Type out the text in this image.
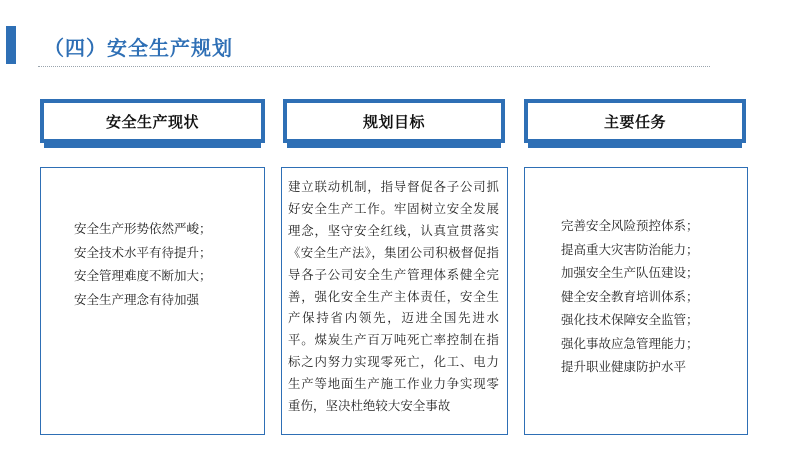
（四）安全生产规划
安全生产现状
安全生产形势依然严峻；
安全技术水平有待提升；
安全管理难度不断加大；
安全生产理念有待加强
规划目标

建立联动机制，指导督促各子公司抓好安全生产工作。牢固树立安全发展理念，坚守安全红线，认真宣贯落实《安全生产法》，集团公司积极督促指导各子公司安全生产管理体系健全完善，强化安全生产主体责任，安全生产保持省内领先，迈进全国先进水平。煤炭生产百万吨死亡率控制在指标之内努力实现零死亡，化工、电力生产等地面生产施工作业力争实现零重伤，坚决杜绝较大安全事故

主要任务
完善安全风险预控体系；
提高重大灾害防治能力；
加强安全生产队伍建设；
健全安全教育培训体系；
强化技术保障安全监管；
强化事故应急管理能力；
提升职业健康防护水平
